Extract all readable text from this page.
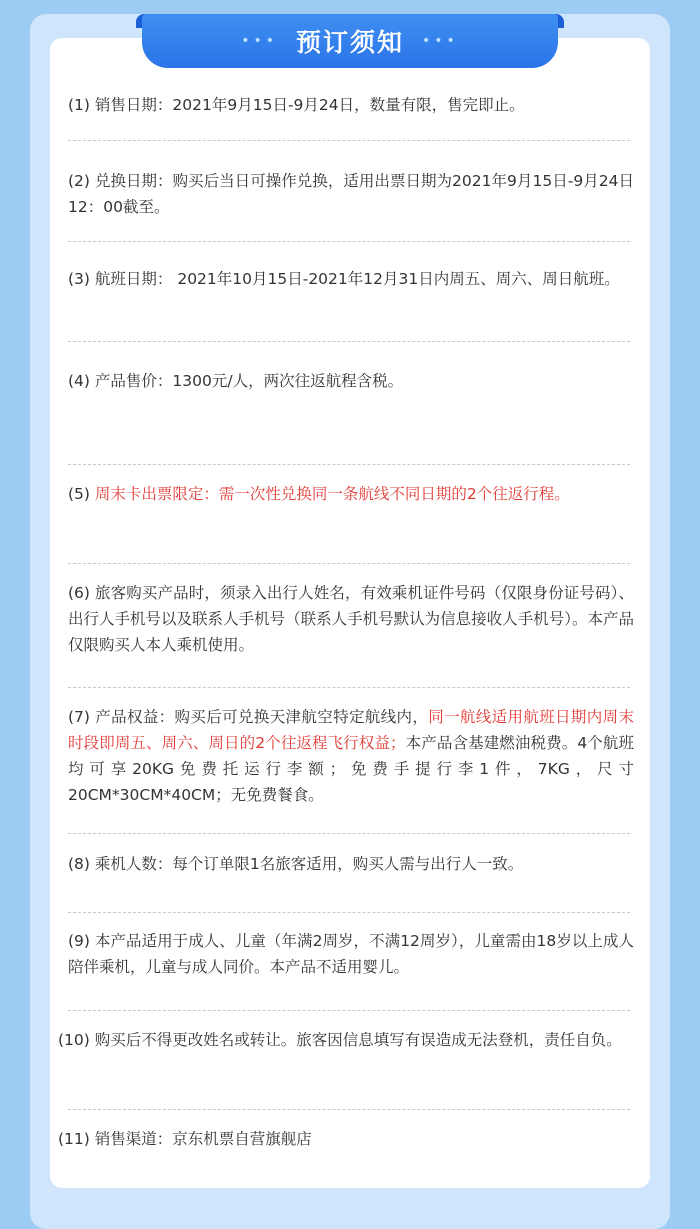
••• 预订须知 •••
(1) 销售日期：2021年9月15日-9月24日，数量有限，售完即止。
(2) 兑换日期：购买后当日可操作兑换，适用出票日期为2021年9月15日-9月24日12：00截至。
(3) 航班日期： 2021年10月15日-2021年12月31日内周五、周六、周日航班。
(4) 产品售价：1300元/人，两次往返航程含税。
(5) 周末卡出票限定：需一次性兑换同一条航线不同日期的2个往返行程。
(6) 旅客购买产品时，须录入出行人姓名，有效乘机证件号码（仅限身份证号码）、出行人手机号以及联系人手机号（联系人手机号默认为信息接收人手机号）。本产品仅限购买人本人乘机使用。
(7) 产品权益：购买后可兑换天津航空特定航线内，同一航线适用航班日期内周末时段即周五、周六、周日的2个往返程飞行权益；本产品含基建燃油税费。4个航班均可享20KG免费托运行李额；免费手提行李1件，7KG，尺寸20CM*30CM*40CM；无免费餐食。
(8) 乘机人数：每个订单限1名旅客适用，购买人需与出行人一致。
(9) 本产品适用于成人、儿童（年满2周岁，不满12周岁），儿童需由18岁以上成人陪伴乘机，儿童与成人同价。本产品不适用婴儿。
(10) 购买后不得更改姓名或转让。旅客因信息填写有误造成无法登机，责任自负。
(11) 销售渠道：京东机票自营旗舰店
